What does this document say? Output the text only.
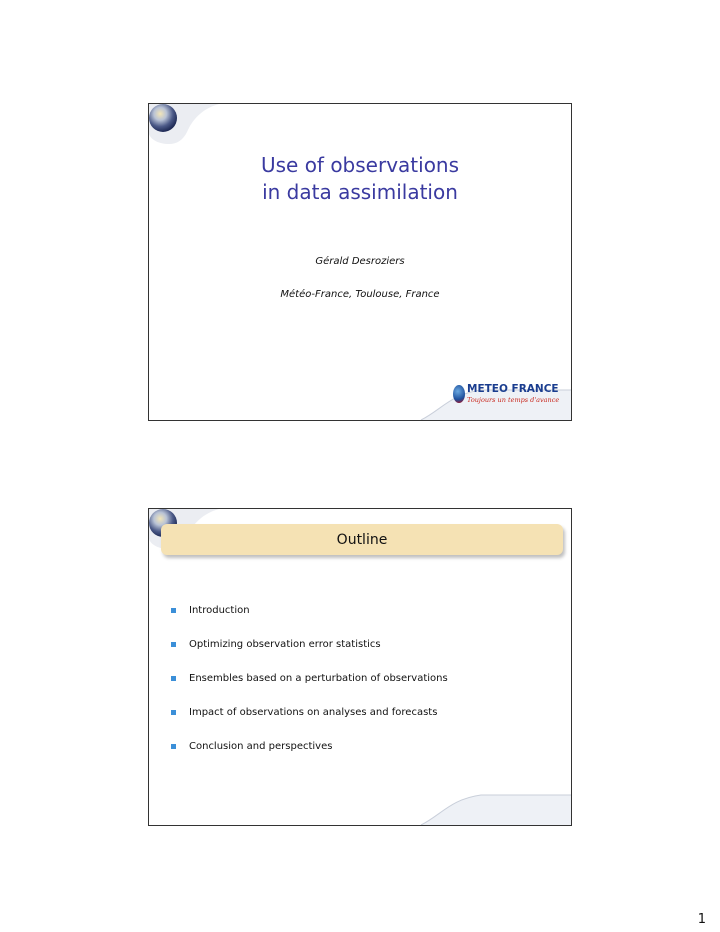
Use of observations
in data assimilation
Gérald Desroziers
Météo-France, Toulouse, France
METEO FRANCE
Toujours un temps d'avance
Outline
Introduction
Optimizing observation error statistics
Ensembles based on a perturbation of observations
Impact of observations on analyses and forecasts
Conclusion and perspectives
1
